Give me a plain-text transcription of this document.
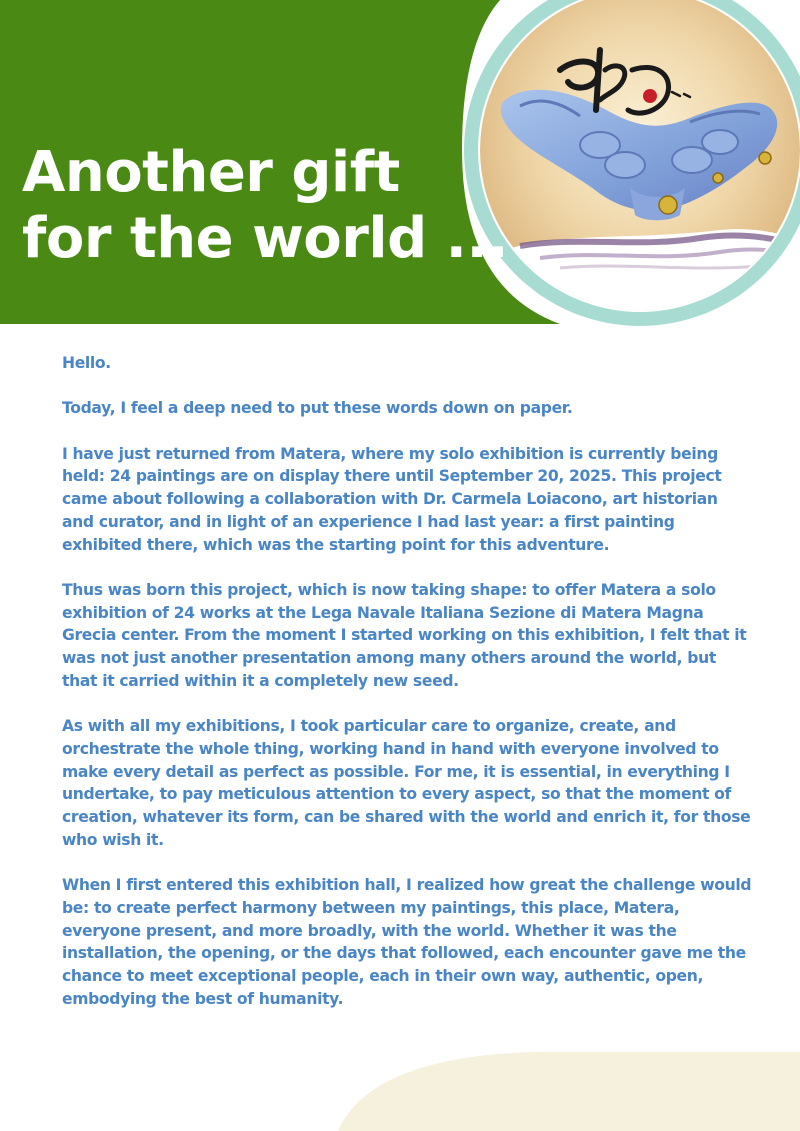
Another gift
for the world ...

Hello.

Today, I feel a deep need to put these words down on paper.

I have just returned from Matera, where my solo exhibition is currently being held: 24 paintings are on display there until September 20, 2025. This project came about following a collaboration with Dr. Carmela Loiacono, art historian and curator, and in light of an experience I had last year: a first painting exhibited there, which was the starting point for this adventure.

Thus was born this project, which is now taking shape: to offer Matera a solo exhibition of 24 works at the Lega Navale Italiana Sezione di Matera Magna Grecia center. From the moment I started working on this exhibition, I felt that it was not just another presentation among many others around the world, but that it carried within it a completely new seed.

As with all my exhibitions, I took particular care to organize, create, and orchestrate the whole thing, working hand in hand with everyone involved to make every detail as perfect as possible. For me, it is essential, in everything I undertake, to pay meticulous attention to every aspect, so that the moment of creation, whatever its form, can be shared with the world and enrich it, for those who wish it.

When I first entered this exhibition hall, I realized how great the challenge would be: to create perfect harmony between my paintings, this place, Matera, everyone present, and more broadly, with the world. Whether it was the installation, the opening, or the days that followed, each encounter gave me the chance to meet exceptional people, each in their own way, authentic, open, embodying the best of humanity.
